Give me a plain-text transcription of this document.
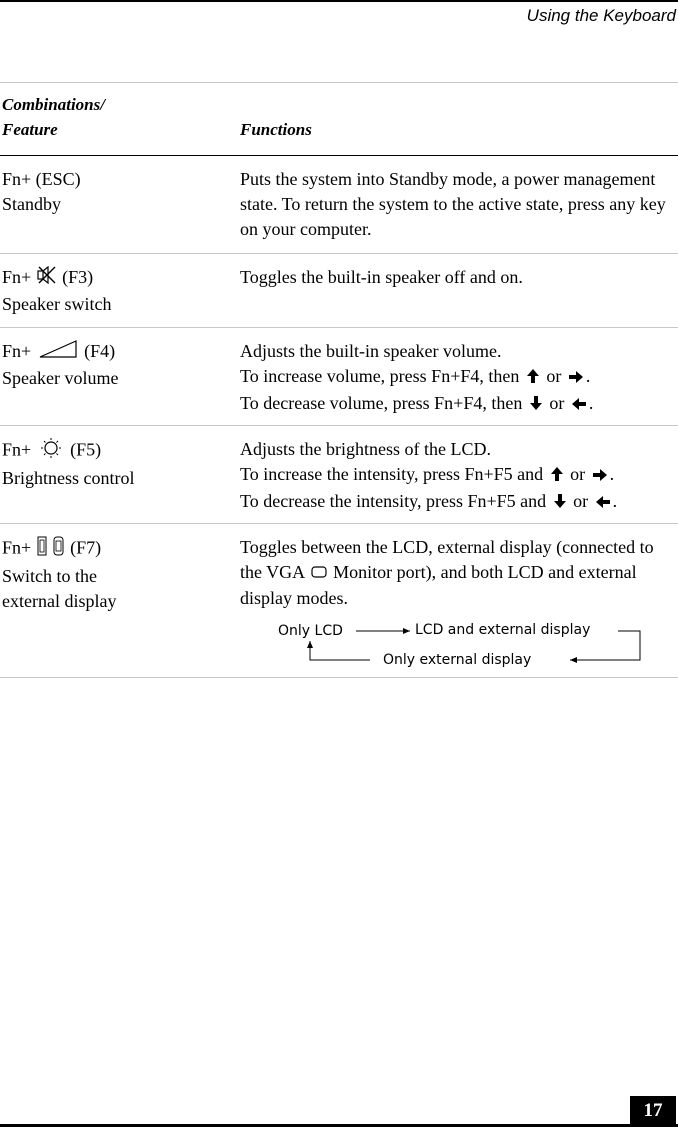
Using the Keyboard
Combinations/
Feature	Functions
Fn+ (ESC)
Standby
Puts the system into Standby mode, a power management state. To return the system to the active state, press any key on your computer.
Fn+  (F3)
Speaker switch
Toggles the built-in speaker off and on.
Fn+  (F4)
Speaker volume
Adjusts the built-in speaker volume.
To increase volume, press Fn+F4, then  or .
To decrease volume, press Fn+F4, then  or .
Fn+  (F5)
Brightness control
Adjusts the brightness of the LCD.
To increase the intensity, press Fn+F5 and  or .
To decrease the intensity, press Fn+F5 and  or .
Fn+  (F7)
Switch to the
external display
Toggles between the LCD, external display (connected to the VGA  Monitor port), and both LCD and external display modes.
Only LCD	LCD and external display
Only external display
17
